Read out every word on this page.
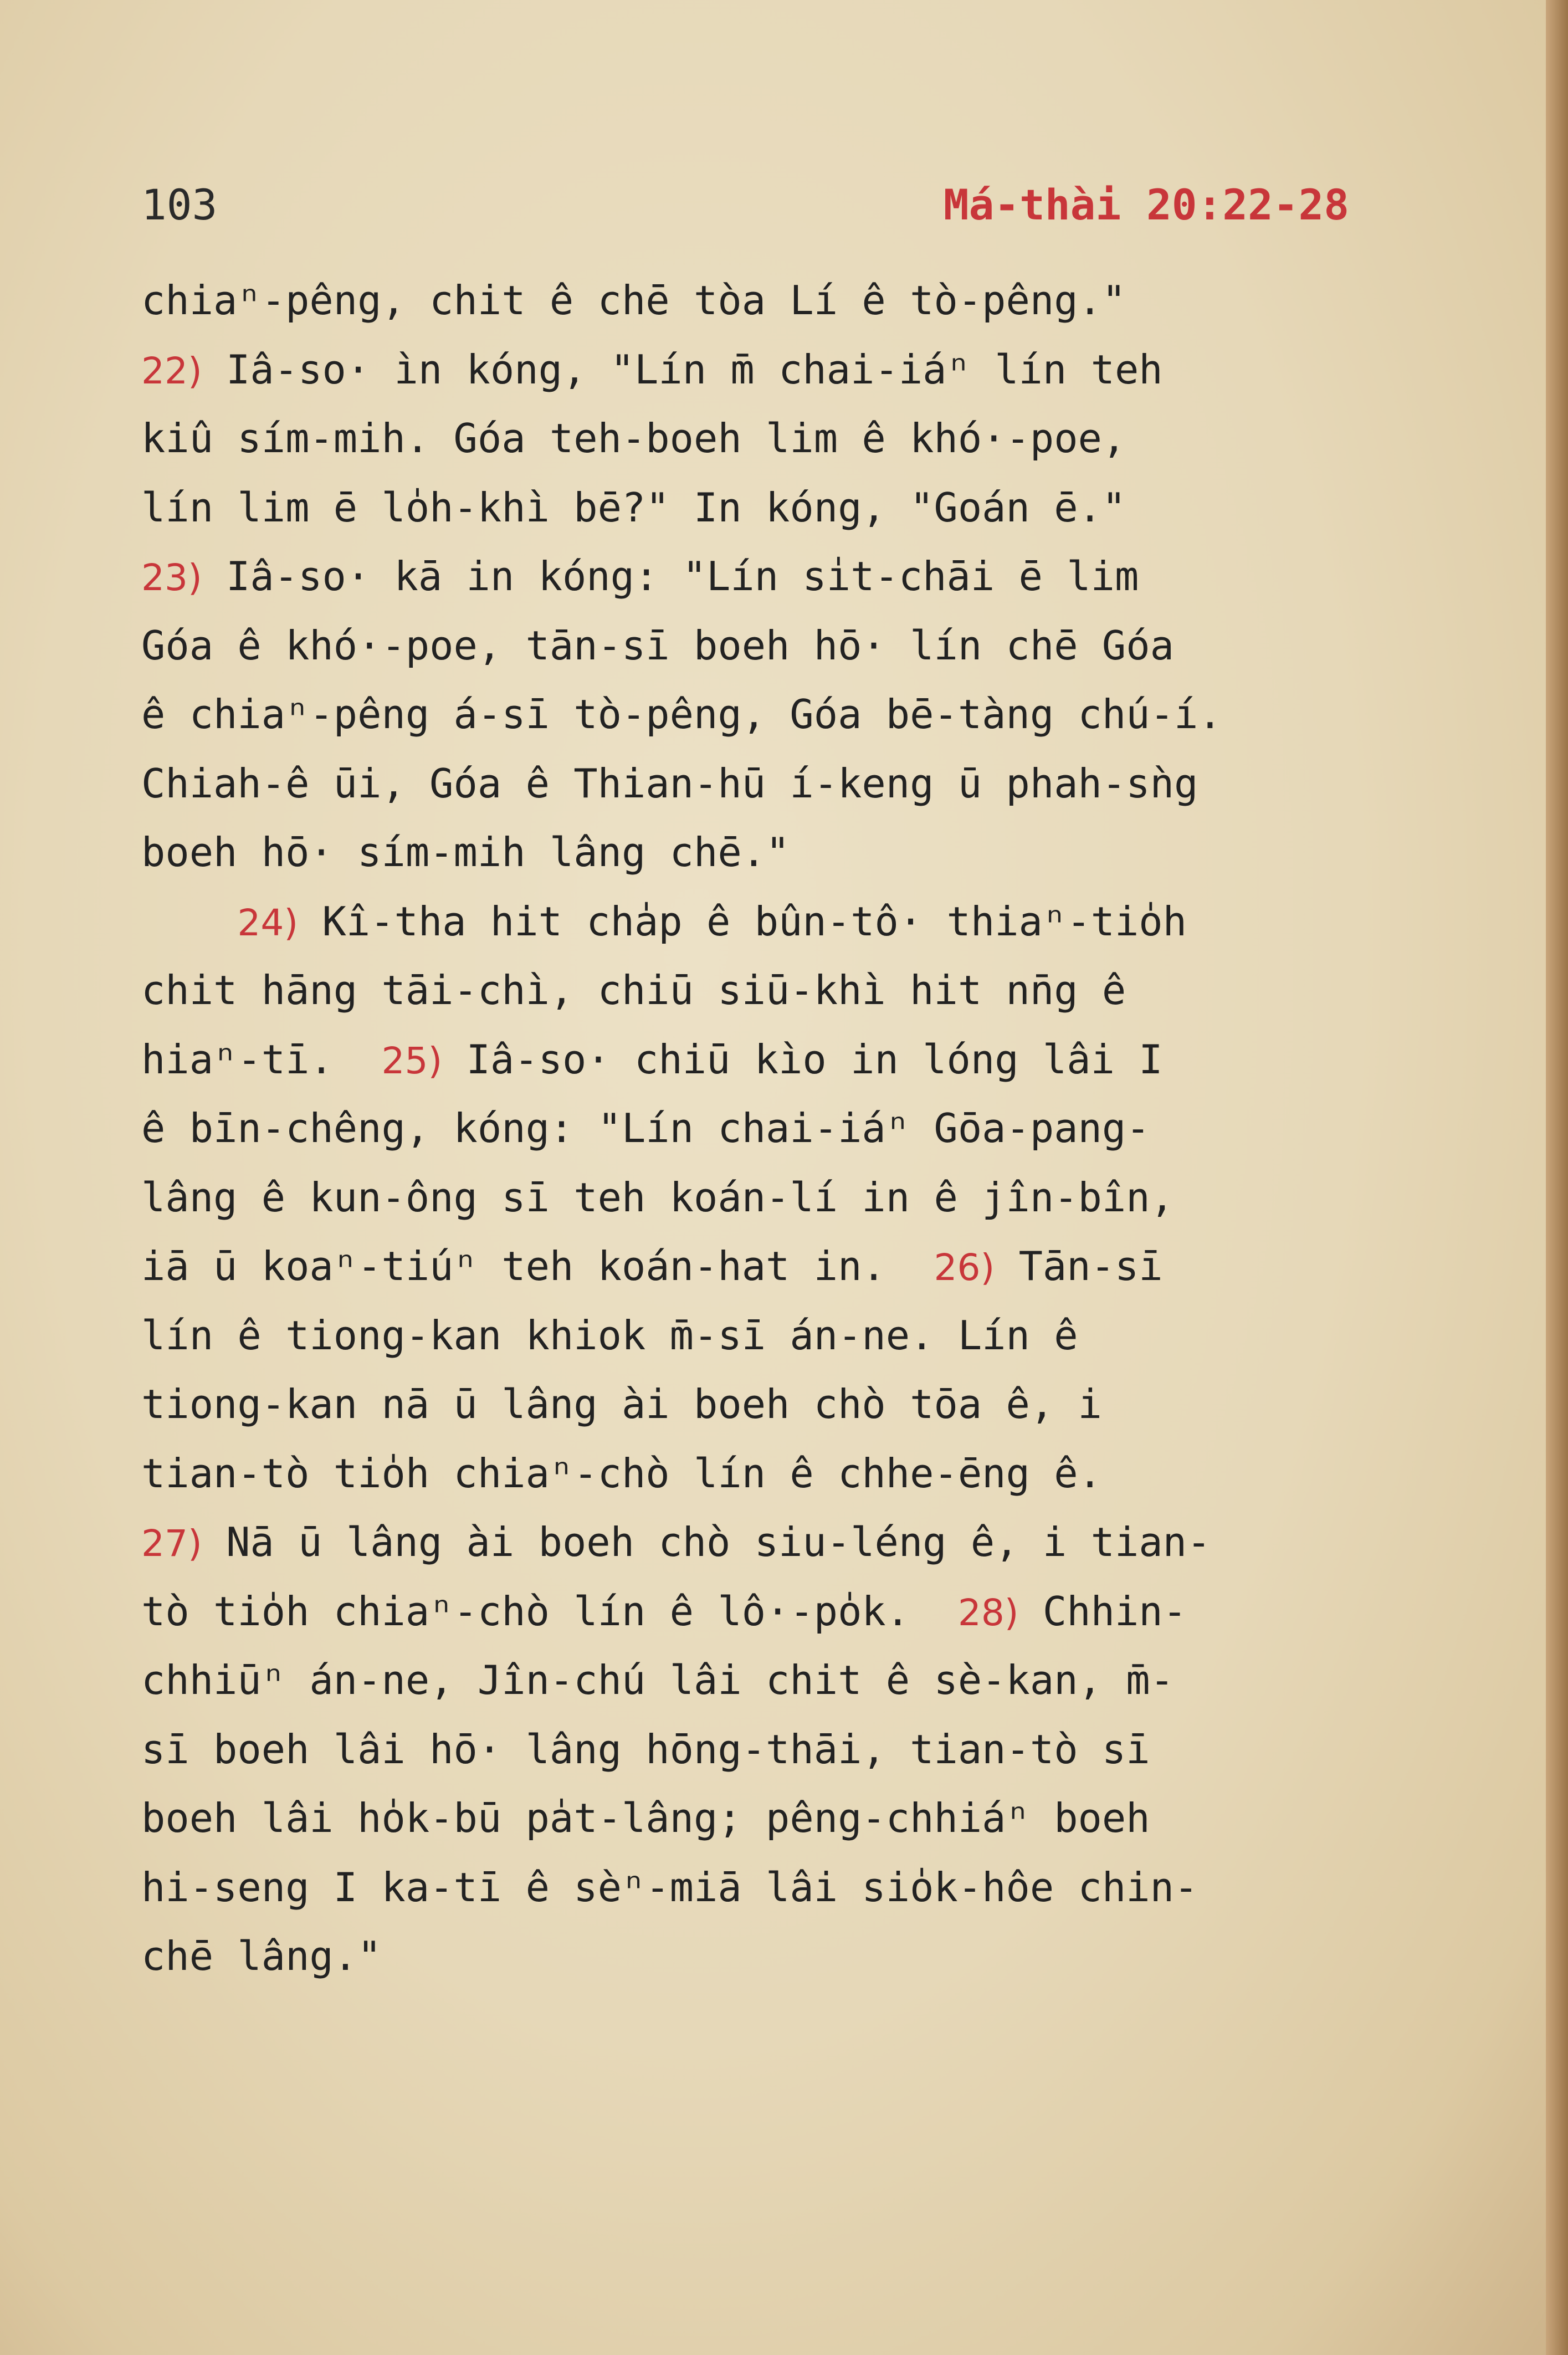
103	Má-thài 20:22-28
chiaⁿ-pêng, chit ê chē tòa Lí ê tò-pêng."
22) Iâ-so· ìn kóng, "Lín m̄ chai-iáⁿ lín teh
kiû sím-mih. Góa teh-boeh lim ê khó·-poe,
lín lim ē lo̍h-khì bē?" In kóng, "Goán ē."
23) Iâ-so· kā in kóng: "Lín si̍t-chāi ē lim
Góa ê khó·-poe, tān-sī boeh hō· lín chē Góa
ê chiaⁿ-pêng á-sī tò-pêng, Góa bē-tàng chú-í.
Chiah-ê ūi, Góa ê Thian-hū í-keng ū phah-sǹg
boeh hō· sím-mih lâng chē."
24) Kî-tha hit cha̍p ê bûn-tô· thiaⁿ-tio̍h
chit hāng tāi-chì, chiū siū-khì hit nn̄g ê
hiaⁿ-tī.  25) Iâ-so· chiū kìo in lóng lâi I
ê bīn-chêng, kóng: "Lín chai-iáⁿ Gōa-pang-
lâng ê kun-ông sī teh koán-lí in ê jîn-bîn,
iā ū koaⁿ-tiúⁿ teh koán-hat in.  26) Tān-sī
lín ê tiong-kan khiok m̄-sī án-ne. Lín ê
tiong-kan nā ū lâng ài boeh chò tōa ê, i
tian-tò tio̍h chiaⁿ-chò lín ê chhe-ēng ê.
27) Nā ū lâng ài boeh chò siu-léng ê, i tian-
tò tio̍h chiaⁿ-chò lín ê lô·-po̍k.  28) Chhin-
chhiūⁿ án-ne, Jîn-chú lâi chit ê sè-kan, m̄-
sī boeh lâi hō· lâng hōng-thāi, tian-tò sī
boeh lâi ho̍k-bū pa̍t-lâng; pêng-chhiáⁿ boeh
hi-seng I ka-tī ê sèⁿ-miā lâi sio̍k-hôe chin-
chē lâng."
